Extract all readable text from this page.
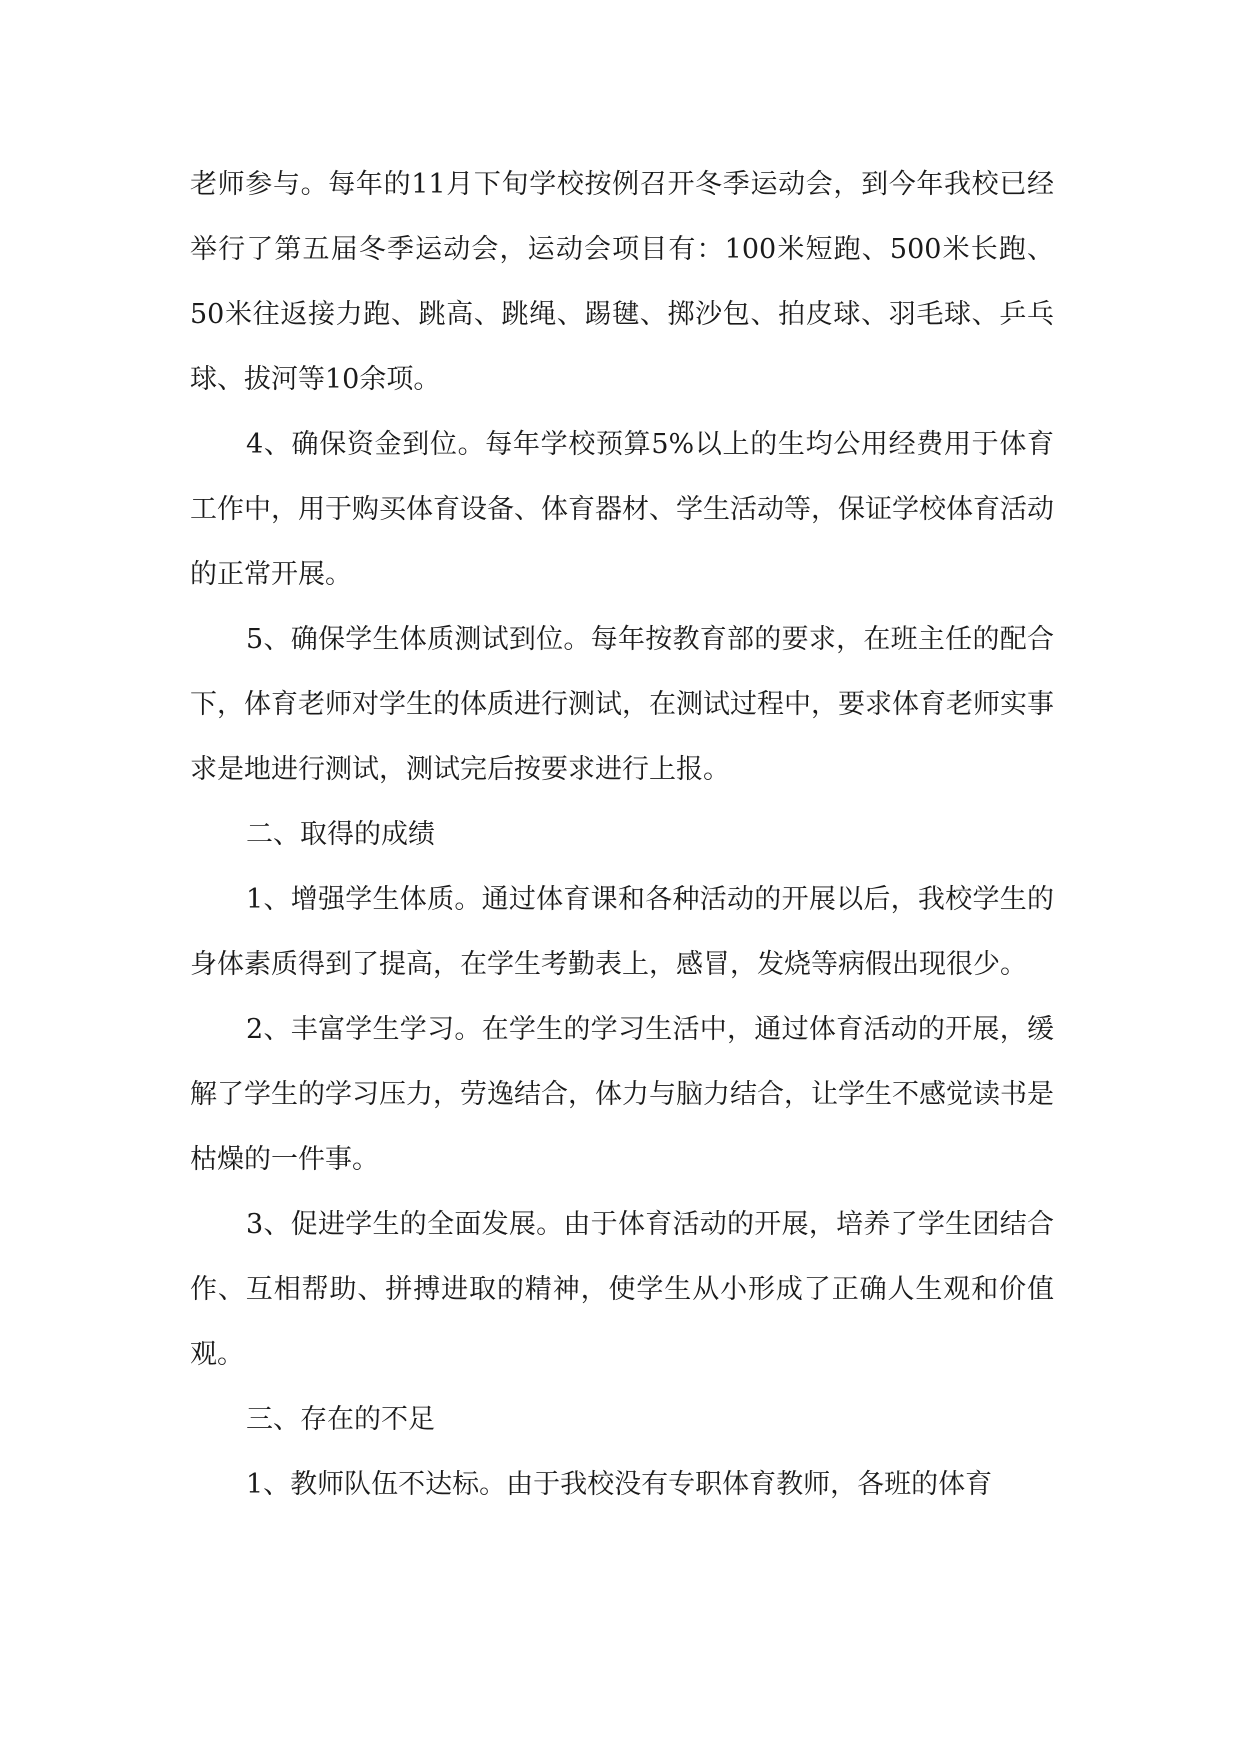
老师参与。每年的11月下旬学校按例召开冬季运动会，到今年我校已经举行了第五届冬季运动会，运动会项目有：100米短跑、500米长跑、50米往返接力跑、跳高、跳绳、踢毽、掷沙包、拍皮球、羽毛球、乒乓球、拔河等10余项。

4、确保资金到位。每年学校预算5%以上的生均公用经费用于体育工作中，用于购买体育设备、体育器材、学生活动等，保证学校体育活动的正常开展。

5、确保学生体质测试到位。每年按教育部的要求，在班主任的配合下，体育老师对学生的体质进行测试，在测试过程中，要求体育老师实事求是地进行测试，测试完后按要求进行上报。

二、取得的成绩

1、增强学生体质。通过体育课和各种活动的开展以后，我校学生的身体素质得到了提高，在学生考勤表上，感冒，发烧等病假出现很少。

2、丰富学生学习。在学生的学习生活中，通过体育活动的开展，缓解了学生的学习压力，劳逸结合，体力与脑力结合，让学生不感觉读书是枯燥的一件事。

3、促进学生的全面发展。由于体育活动的开展，培养了学生团结合作、互相帮助、拼搏进取的精神，使学生从小形成了正确人生观和价值观。

三、存在的不足

1、教师队伍不达标。由于我校没有专职体育教师，各班的体育
